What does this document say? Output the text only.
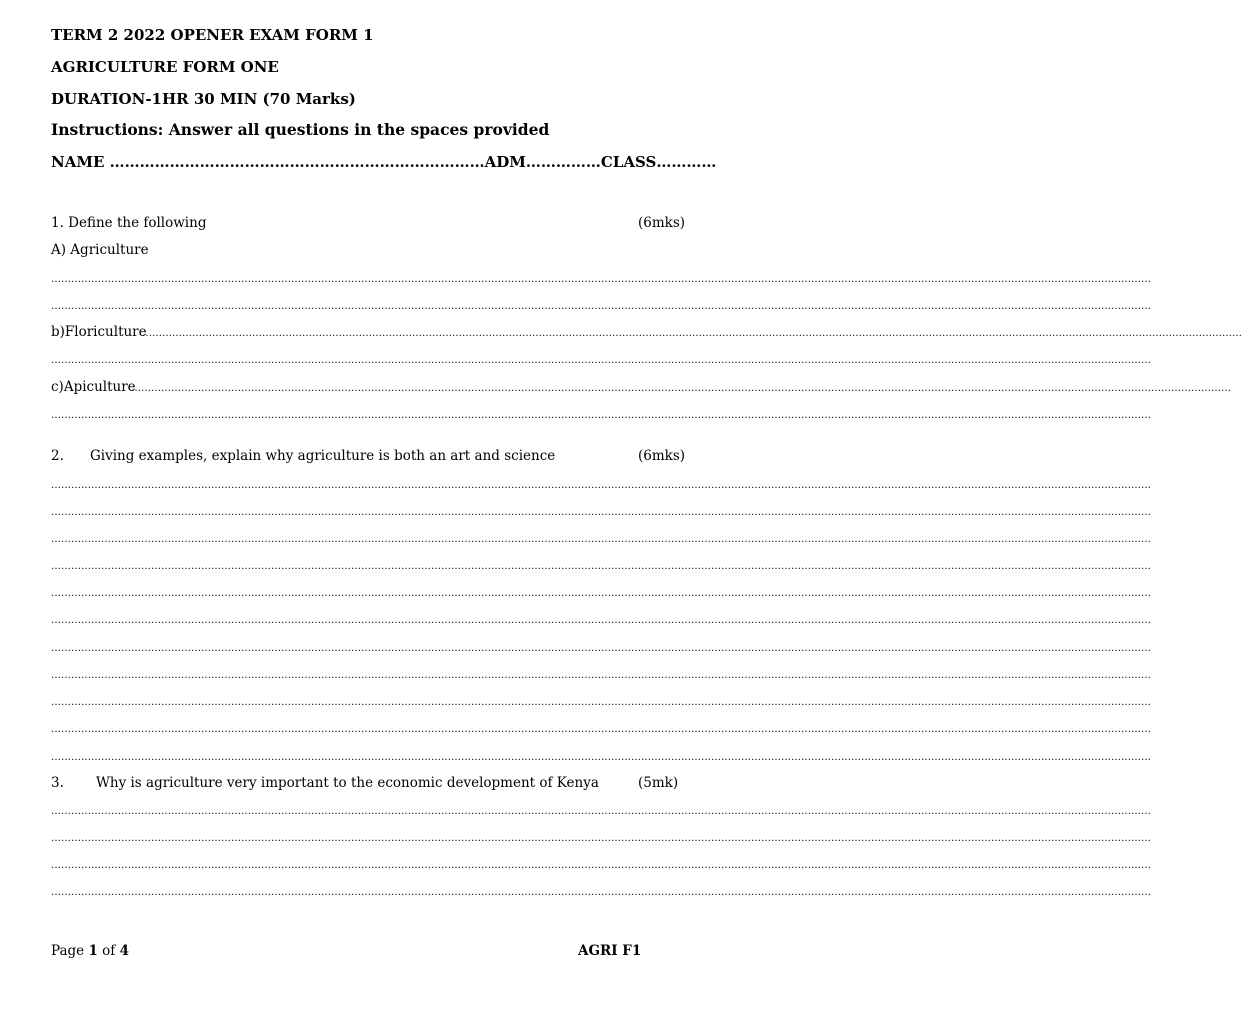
TERM 2 2022 OPENER EXAM FORM 1
AGRICULTURE FORM ONE
DURATION-1HR 30 MIN (70 Marks)
Instructions: Answer all questions in the spaces provided
NAME …………………………………………………………………ADM……………CLASS…………
1. Define the following	(6mks)
A) Agriculture
……………………………………………………………………………………………………………………………………………………………………………………………………………………………………………………………………………………………………
……………………………………………………………………………………………………………………………………………………………………………………………………………………………………………………………………………………………………
b)Floriculture
……………………………………………………………………………………………………………………………………………………………………………………………………………………………………………………………………………………………………
……………………………………………………………………………………………………………………………………………………………………………………………………………………………………………………………………………………………………
c)Apiculture
……………………………………………………………………………………………………………………………………………………………………………………………………………………………………………………………………………………………………
……………………………………………………………………………………………………………………………………………………………………………………………………………………………………………………………………………………………………
2. Giving examples, explain why agriculture is both an art and science	(6mks)
……………………………………………………………………………………………………………………………………………………………………………………………………………………………………………………………………………………………………
……………………………………………………………………………………………………………………………………………………………………………………………………………………………………………………………………………………………………
……………………………………………………………………………………………………………………………………………………………………………………………………………………………………………………………………………………………………
……………………………………………………………………………………………………………………………………………………………………………………………………………………………………………………………………………………………………
……………………………………………………………………………………………………………………………………………………………………………………………………………………………………………………………………………………………………
……………………………………………………………………………………………………………………………………………………………………………………………………………………………………………………………………………………………………
……………………………………………………………………………………………………………………………………………………………………………………………………………………………………………………………………………………………………
……………………………………………………………………………………………………………………………………………………………………………………………………………………………………………………………………………………………………
……………………………………………………………………………………………………………………………………………………………………………………………………………………………………………………………………………………………………
……………………………………………………………………………………………………………………………………………………………………………………………………………………………………………………………………………………………………
……………………………………………………………………………………………………………………………………………………………………………………………………………………………………………………………………………………………………
3. Why is agriculture very important to the economic development of Kenya	(5mk)
……………………………………………………………………………………………………………………………………………………………………………………………………………………………………………………………………………………………………
……………………………………………………………………………………………………………………………………………………………………………………………………………………………………………………………………………………………………
……………………………………………………………………………………………………………………………………………………………………………………………………………………………………………………………………………………………………
……………………………………………………………………………………………………………………………………………………………………………………………………………………………………………………………………………………………………
Page 1 of 4	AGRI F1
